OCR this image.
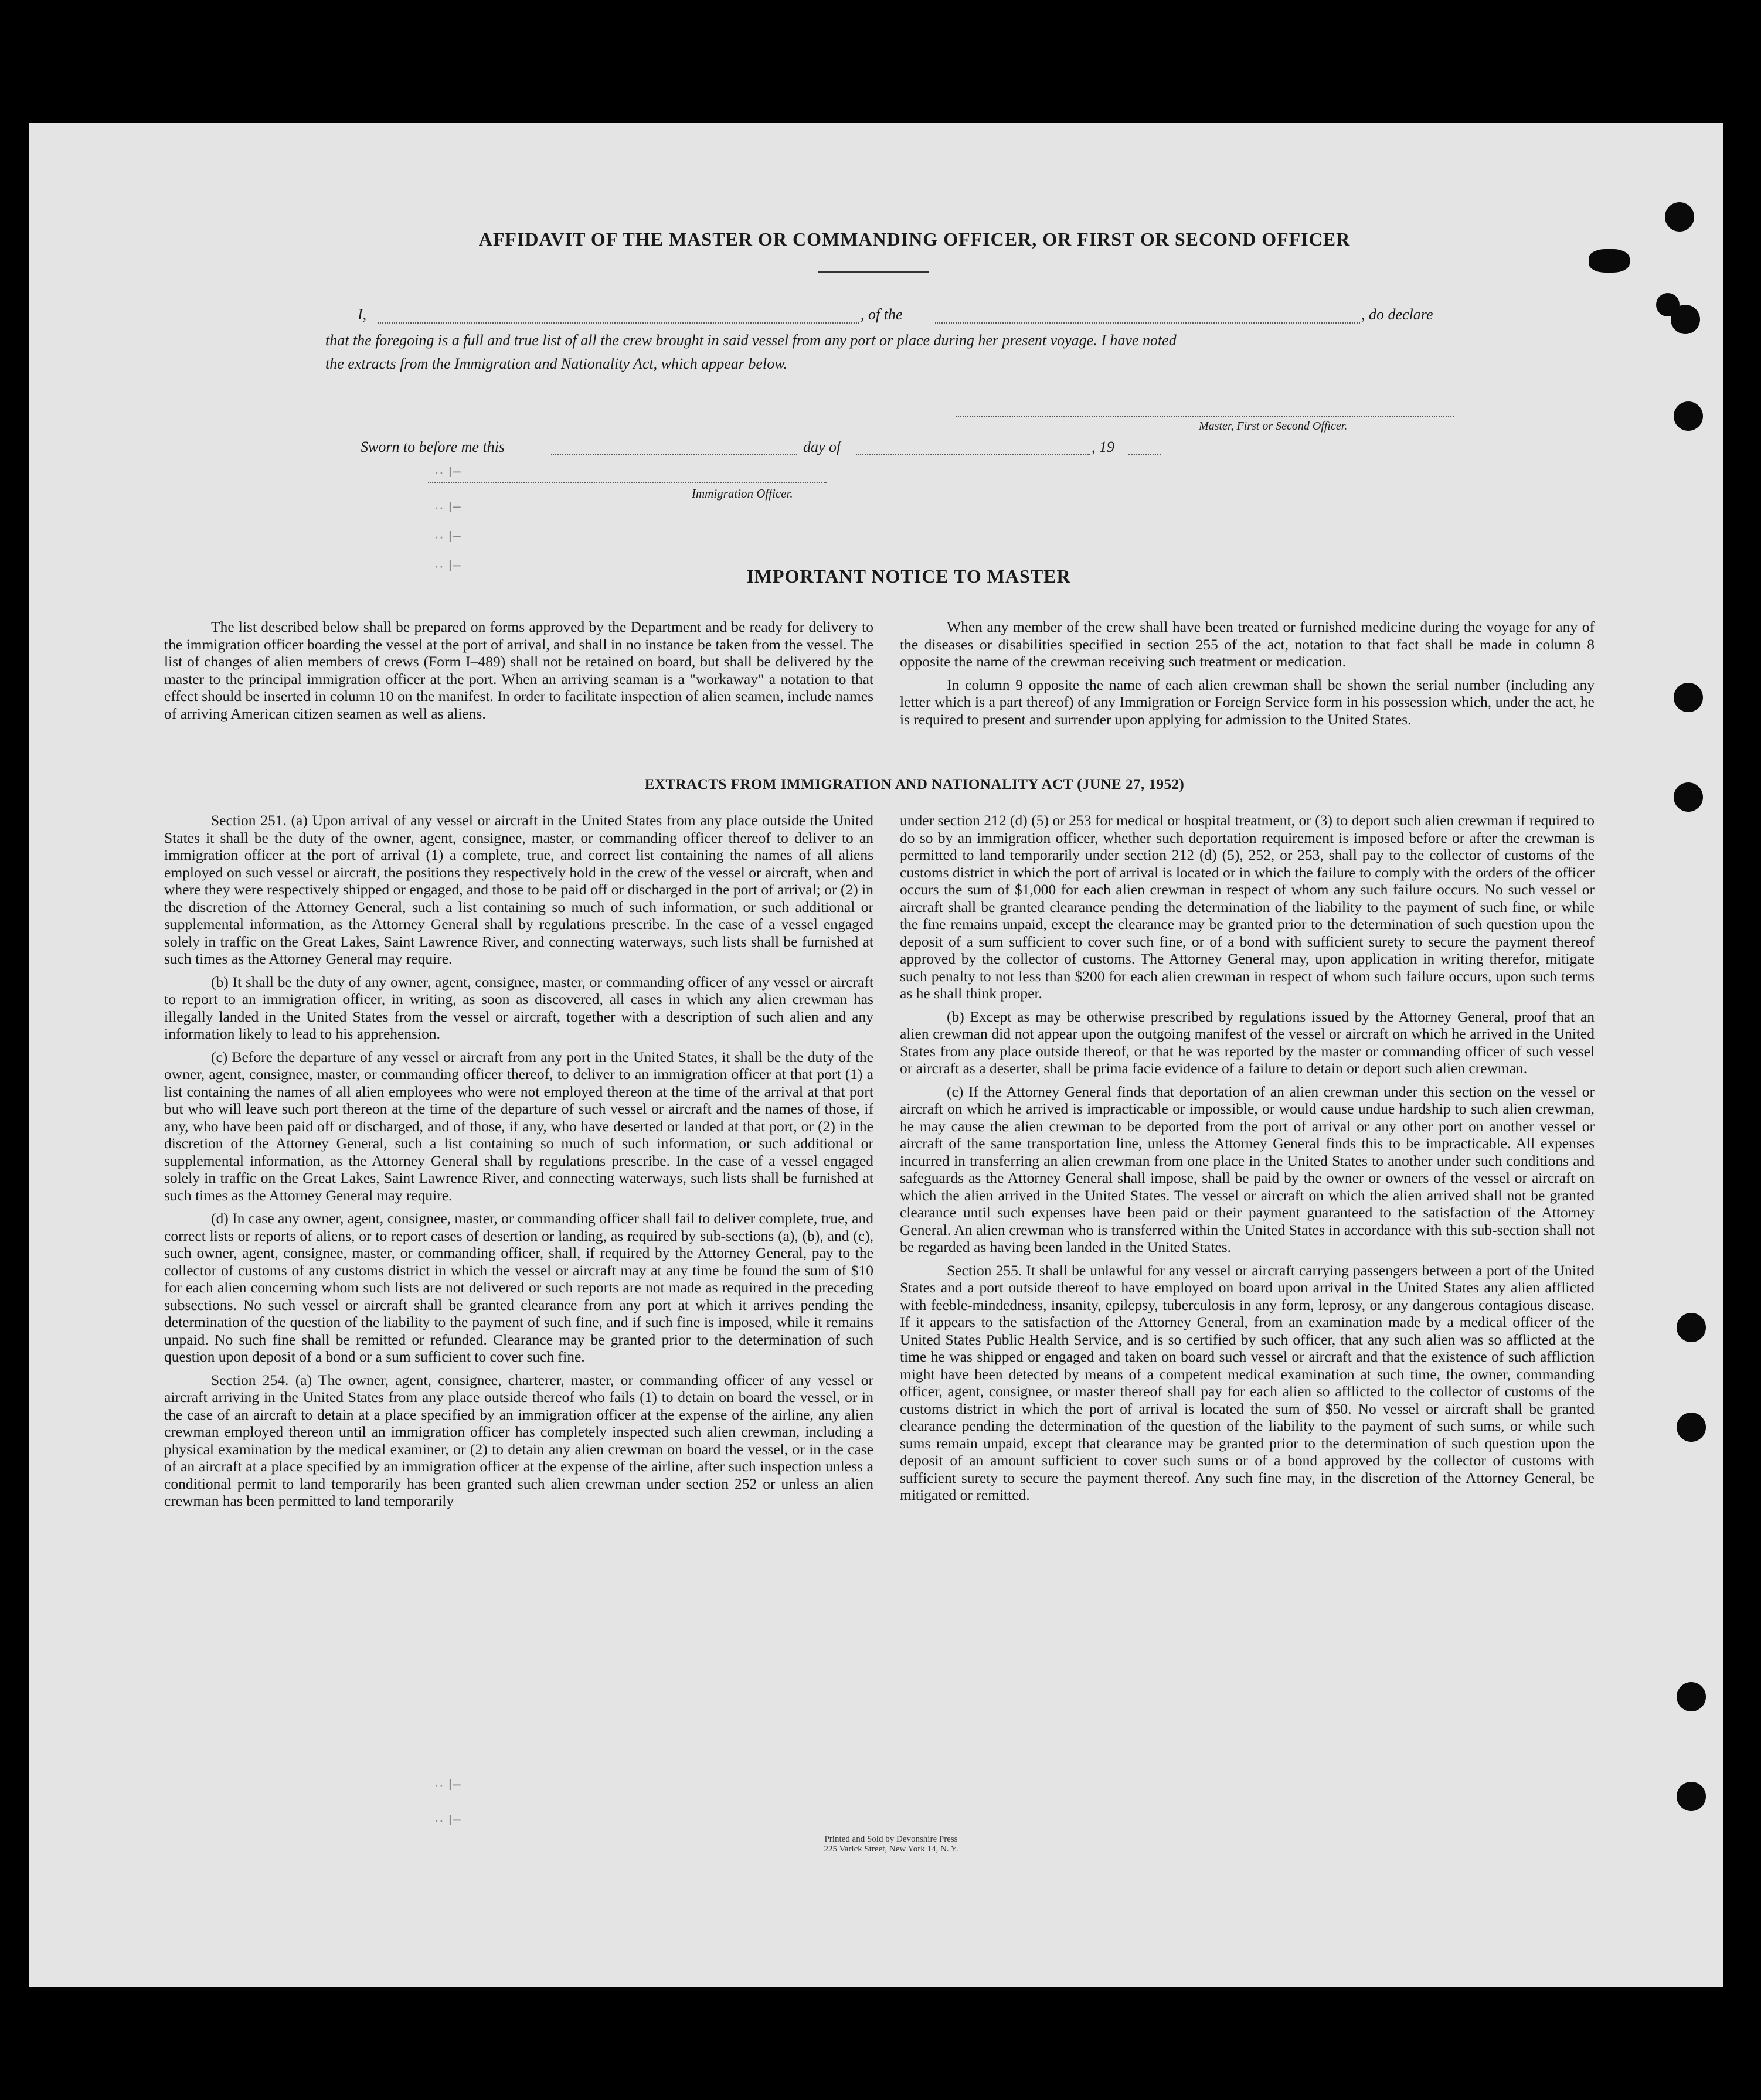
AFFIDAVIT OF THE MASTER OR COMMANDING OFFICER, OR FIRST OR SECOND OFFICER
I,	, of the	, do declare
that the foregoing is a full and true list of all the crew brought in said vessel from any port or place during her present voyage. I have noted
the extracts from the Immigration and Nationality Act, which appear below.
Master, First or Second Officer.
Sworn to before me this	day of	, 19
Immigration Officer.
·· I−
·· I−
·· I−
·· I−	IMPORTANT NOTICE TO MASTER

The list described below shall be prepared on forms approved by the Department and be ready for delivery to the immigration officer boarding the vessel at the port of arrival, and shall in no instance be taken from the vessel. The list of changes of alien members of crews (Form I–489) shall not be retained on board, but shall be delivered by the master to the principal immigration officer at the port. When an arriving seaman is a "workaway" a notation to that effect should be inserted in column 10 on the manifest. In order to facilitate inspection of alien seamen, include names of arriving American citizen seamen as well as aliens.

When any member of the crew shall have been treated or furnished medicine during the voyage for any of the diseases or disabilities specified in section 255 of the act, notation to that fact shall be made in column 8 opposite the name of the crewman receiving such treatment or medication.

In column 9 opposite the name of each alien crewman shall be shown the serial number (including any letter which is a part thereof) of any Immigration or Foreign Service form in his possession which, under the act, he is required to present and surrender upon applying for admission to the United States.

EXTRACTS FROM IMMIGRATION AND NATIONALITY ACT (JUNE 27, 1952)

Section 251. (a) Upon arrival of any vessel or aircraft in the United States from any place outside the United States it shall be the duty of the owner, agent, consignee, master, or commanding officer thereof to deliver to an immigration officer at the port of arrival (1) a complete, true, and correct list containing the names of all aliens employed on such vessel or aircraft, the positions they respectively hold in the crew of the vessel or aircraft, when and where they were respectively shipped or engaged, and those to be paid off or discharged in the port of arrival; or (2) in the discretion of the Attorney General, such a list containing so much of such information, or such additional or supplemental information, as the Attorney General shall by regulations prescribe. In the case of a vessel engaged solely in traffic on the Great Lakes, Saint Lawrence River, and connecting waterways, such lists shall be furnished at such times as the Attorney General may require.

(b) It shall be the duty of any owner, agent, consignee, master, or commanding officer of any vessel or aircraft to report to an immigration officer, in writing, as soon as discovered, all cases in which any alien crewman has illegally landed in the United States from the vessel or aircraft, together with a description of such alien and any information likely to lead to his apprehension.

(c) Before the departure of any vessel or aircraft from any port in the United States, it shall be the duty of the owner, agent, consignee, master, or commanding officer thereof, to deliver to an immigration officer at that port (1) a list containing the names of all alien employees who were not employed thereon at the time of the arrival at that port but who will leave such port thereon at the time of the departure of such vessel or aircraft and the names of those, if any, who have been paid off or discharged, and of those, if any, who have deserted or landed at that port, or (2) in the discretion of the Attorney General, such a list containing so much of such information, or such additional or supplemental information, as the Attorney General shall by regulations prescribe. In the case of a vessel engaged solely in traffic on the Great Lakes, Saint Lawrence River, and connecting waterways, such lists shall be furnished at such times as the Attorney General may require.

(d) In case any owner, agent, consignee, master, or commanding officer shall fail to deliver complete, true, and correct lists or reports of aliens, or to report cases of desertion or landing, as required by sub-sections (a), (b), and (c), such owner, agent, consignee, master, or commanding officer, shall, if required by the Attorney General, pay to the collector of customs of any customs district in which the vessel or aircraft may at any time be found the sum of $10 for each alien concerning whom such lists are not delivered or such reports are not made as required in the preceding subsections. No such vessel or aircraft shall be granted clearance from any port at which it arrives pending the determination of the question of the liability to the payment of such fine, and if such fine is imposed, while it remains unpaid. No such fine shall be remitted or refunded. Clearance may be granted prior to the determination of such question upon deposit of a bond or a sum sufficient to cover such fine.

Section 254. (a) The owner, agent, consignee, charterer, master, or commanding officer of any vessel or aircraft arriving in the United States from any place outside thereof who fails (1) to detain on board the vessel, or in the case of an aircraft to detain at a place specified by an immigration officer at the expense of the airline, any alien crewman employed thereon until an immigration officer has completely inspected such alien crewman, including a physical examination by the medical examiner, or (2) to detain any alien crewman on board the vessel, or in the case of an aircraft at a place specified by an immigration officer at the expense of the airline, after such inspection unless a conditional permit to land temporarily has been granted such alien crewman under section 252 or unless an alien crewman has been permitted to land temporarily

under section 212 (d) (5) or 253 for medical or hospital treatment, or (3) to deport such alien crewman if required to do so by an immigration officer, whether such deportation requirement is imposed before or after the crewman is permitted to land temporarily under section 212 (d) (5), 252, or 253, shall pay to the collector of customs of the customs district in which the port of arrival is located or in which the failure to comply with the orders of the officer occurs the sum of $1,000 for each alien crewman in respect of whom any such failure occurs. No such vessel or aircraft shall be granted clearance pending the determination of the liability to the payment of such fine, or while the fine remains unpaid, except the clearance may be granted prior to the determination of such question upon the deposit of a sum sufficient to cover such fine, or of a bond with sufficient surety to secure the payment thereof approved by the collector of customs. The Attorney General may, upon application in writing therefor, mitigate such penalty to not less than $200 for each alien crewman in respect of whom such failure occurs, upon such terms as he shall think proper.

(b) Except as may be otherwise prescribed by regulations issued by the Attorney General, proof that an alien crewman did not appear upon the outgoing manifest of the vessel or aircraft on which he arrived in the United States from any place outside thereof, or that he was reported by the master or commanding officer of such vessel or aircraft as a deserter, shall be prima facie evidence of a failure to detain or deport such alien crewman.

(c) If the Attorney General finds that deportation of an alien crewman under this section on the vessel or aircraft on which he arrived is impracticable or impossible, or would cause undue hardship to such alien crewman, he may cause the alien crewman to be deported from the port of arrival or any other port on another vessel or aircraft of the same transportation line, unless the Attorney General finds this to be impracticable. All expenses incurred in transferring an alien crewman from one place in the United States to another under such conditions and safeguards as the Attorney General shall impose, shall be paid by the owner or owners of the vessel or aircraft on which the alien arrived in the United States. The vessel or aircraft on which the alien arrived shall not be granted clearance until such expenses have been paid or their payment guaranteed to the satisfaction of the Attorney General. An alien crewman who is transferred within the United States in accordance with this sub-section shall not be regarded as having been landed in the United States.

Section 255. It shall be unlawful for any vessel or aircraft carrying passengers between a port of the United States and a port outside thereof to have employed on board upon arrival in the United States any alien afflicted with feeble-mindedness, insanity, epilepsy, tuberculosis in any form, leprosy, or any dangerous contagious disease. If it appears to the satisfaction of the Attorney General, from an examination made by a medical officer of the United States Public Health Service, and is so certified by such officer, that any such alien was so afflicted at the time he was shipped or engaged and taken on board such vessel or aircraft and that the existence of such affliction might have been detected by means of a competent medical examination at such time, the owner, commanding officer, agent, consignee, or master thereof shall pay for each alien so afflicted to the collector of customs of the customs district in which the port of arrival is located the sum of $50. No vessel or aircraft shall be granted clearance pending the determination of the question of the liability to the payment of such sums, or while such sums remain unpaid, except that clearance may be granted prior to the determination of such question upon the deposit of an amount sufficient to cover such sums or of a bond approved by the collector of customs with sufficient surety to secure the payment thereof. Any such fine may, in the discretion of the Attorney General, be mitigated or remitted.

·· I−
·· I−
Printed and Sold by Devonshire Press
225 Varick Street, New York 14, N. Y.
